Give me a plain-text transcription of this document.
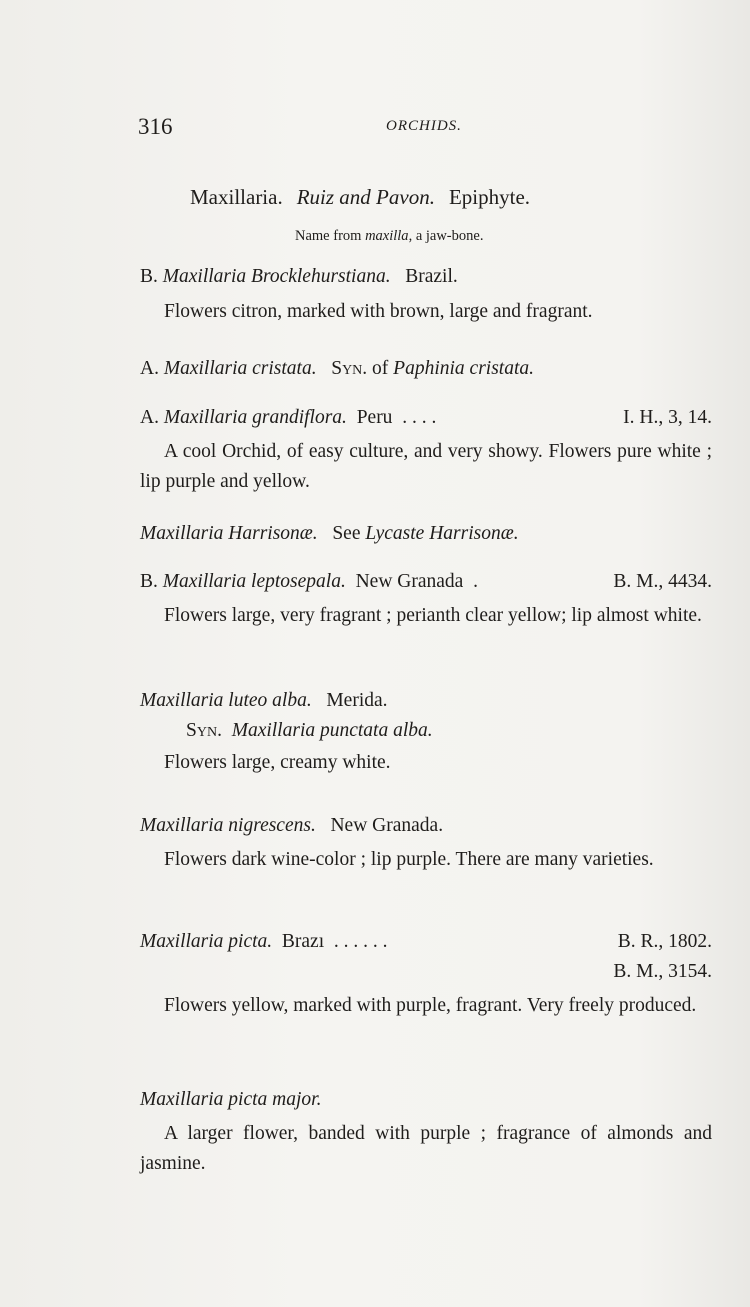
316	ORCHIDS.
Maxillaria. Ruiz and Pavon. Epiphyte.
Name from maxilla, a jaw-bone.
B. Maxillaria Brocklehurstiana. Brazil.
Flowers citron, marked with brown, large and fragrant.
A. Maxillaria cristata. Syn. of Paphinia cristata.
A. Maxillaria grandiflora. Peru . . . .	I. H., 3, 14.
A cool Orchid, of easy culture, and very showy. Flowers pure white ; lip purple and yellow.
Maxillaria Harrisonæ. See Lycaste Harrisonæ.
B. Maxillaria leptosepala. New Granada .	B. M., 4434.
Flowers large, very fragrant ; perianth clear yellow; lip almost white.
Maxillaria luteo alba. Merida.
Syn. Maxillaria punctata alba.
Flowers large, creamy white.
Maxillaria nigrescens. New Granada.
Flowers dark wine-color ; lip purple. There are many varieties.
Maxillaria picta. Brazı . . . . . .	B. R., 1802.
B. M., 3154.
Flowers yellow, marked with purple, fragrant. Very freely produced.
Maxillaria picta major.
A larger flower, banded with purple ; fragrance of almonds and jasmine.
